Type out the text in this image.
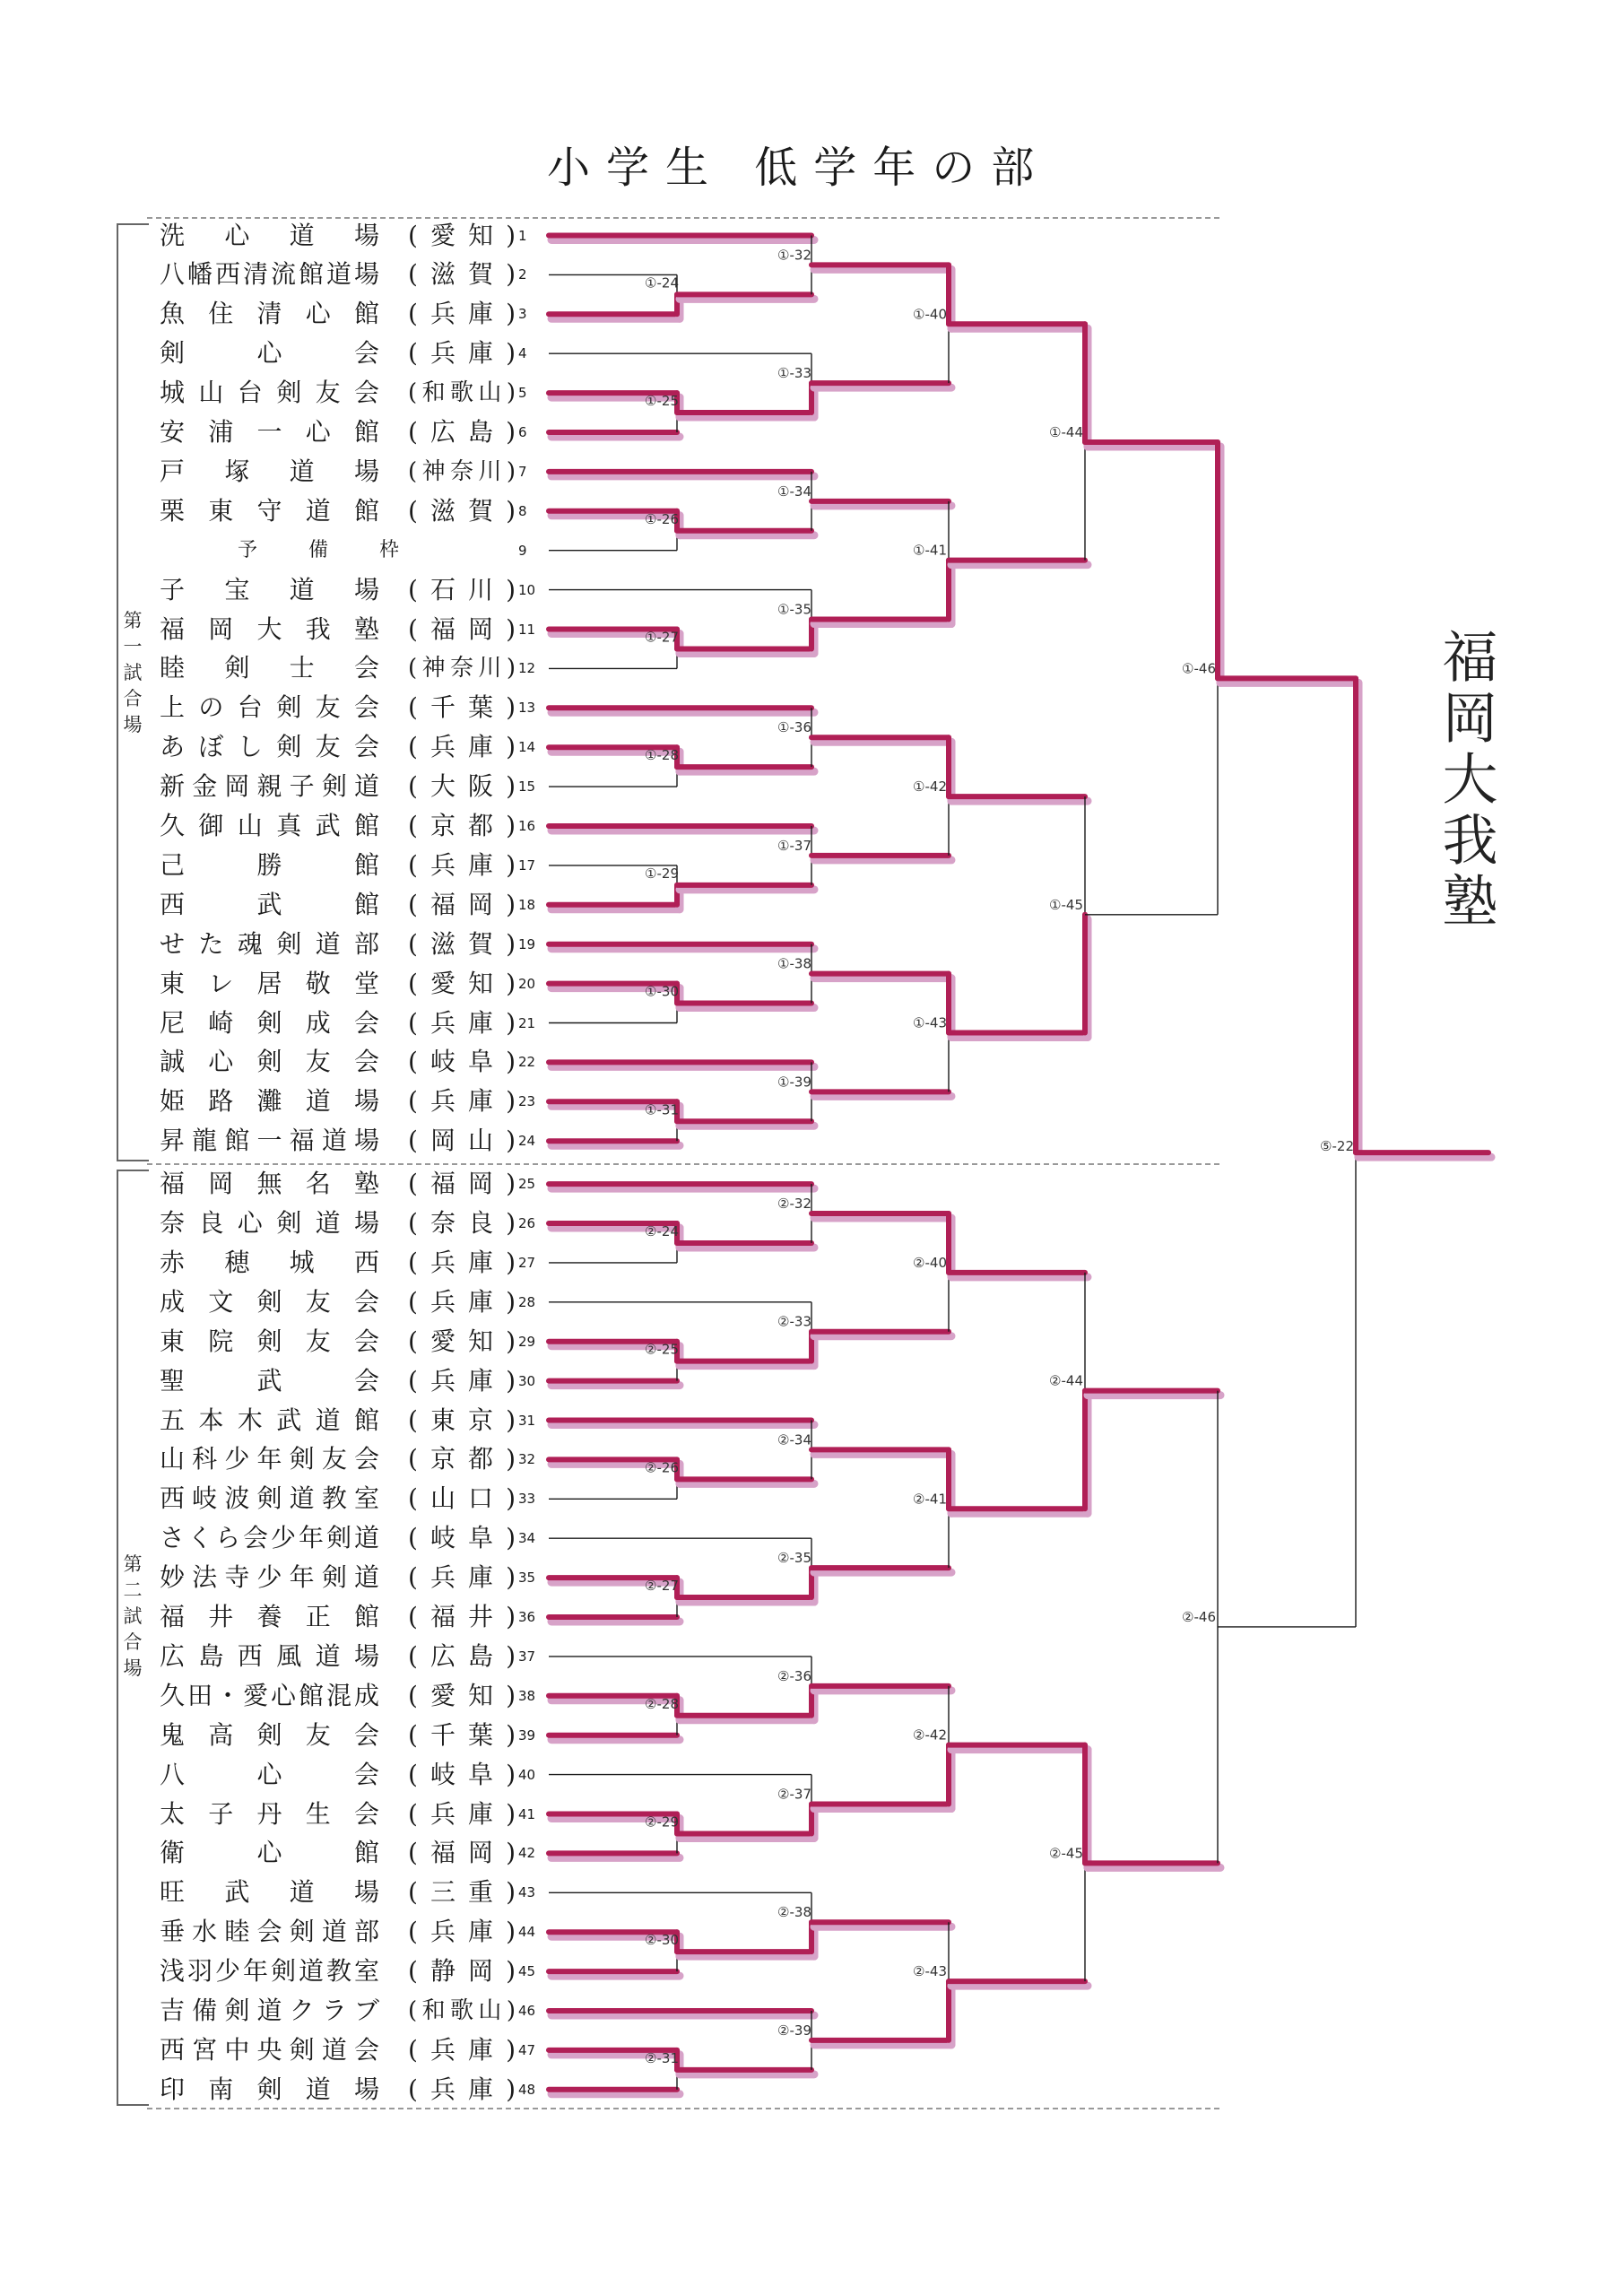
小学生 低学年の部
第
一
試
合
場
第
二
試
合
場
洗心道場 (愛知) 1
八幡西清流館道場 (滋賀) 2
魚住清心館 (兵庫) 3
剣心会 (兵庫) 4
城山台剣友会 (和歌山) 5
安浦一心館 (広島) 6
戸塚道場 (神奈川) 7
栗東守道館 (滋賀) 8
予備枠	9
子宝道場 (石川) 10
福岡大我塾 (福岡) 11
睦剣士会 (神奈川) 12
上の台剣友会 (千葉) 13
あぼし剣友会 (兵庫) 14
新金岡親子剣道 (大阪) 15
久御山真武館 (京都) 16
己勝館 (兵庫) 17
西武館 (福岡) 18
せた魂剣道部 (滋賀) 19
東レ居敬堂 (愛知) 20
尼崎剣成会 (兵庫) 21
誠心剣友会 (岐阜) 22
姫路灘道場 (兵庫) 23
昇龍館一福道場 (岡山) 24
福岡無名塾 (福岡) 25
奈良心剣道場 (奈良) 26
赤穂城西 (兵庫) 27
成文剣友会 (兵庫) 28
東院剣友会 (愛知) 29
聖武会 (兵庫) 30
五本木武道館 (東京) 31
山科少年剣友会 (京都) 32
西岐波剣道教室 (山口) 33
さくら会少年剣道 (岐阜) 34
妙法寺少年剣道 (兵庫) 35
福井養正館 (福井) 36
広島西風道場 (広島) 37
久田・愛心館混成 (愛知) 38
鬼高剣友会 (千葉) 39
八心会 (岐阜) 40
太子丹生会 (兵庫) 41
衛心館 (福岡) 42
旺武道場 (三重) 43
垂水睦会剣道部 (兵庫) 44
浅羽少年剣道教室 (静岡) 45
吉備剣道クラブ (和歌山) 46
西宮中央剣道会 (兵庫) 47
印南剣道場 (兵庫) 48
①-24
①-32
①-25
①-33
①-26
①-34
①-27
①-35
①-28
①-36
①-29
①-37
①-30
①-38
①-31
①-39
②-24
②-32
②-25
②-33
②-26
②-34
②-27
②-35
②-28
②-36
②-29
②-37
②-30
②-38
②-31
②-39
①-40
①-41
①-42
①-43
②-40
②-41
②-42
②-43
①-44
①-45
②-44
②-45
①-46
②-46
⑤-22
福岡大我塾
